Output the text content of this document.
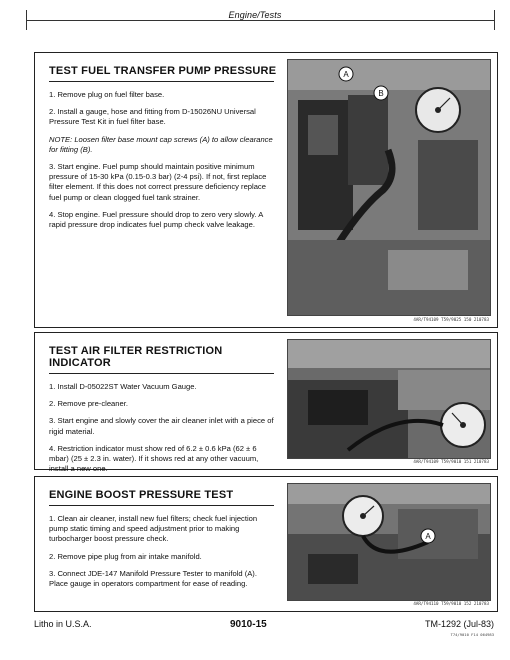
Engine/Tests
TEST FUEL TRANSFER PUMP PRESSURE
1. Remove plug on fuel filter base.
2. Install a gauge, hose and fitting from D-15026NU Universal Pressure Test Kit in fuel filter base.
NOTE: Loosen filter base mount cap screws (A) to allow clearance for fitting (B).
3. Start engine. Fuel pump should maintain positive minimum pressure of 15-30 kPa (0.15-0.3 bar) (2-4 psi). If not, first replace filter element. If this does not correct pressure deficiency replace fuel pump or clean clogged fuel tank strainer.
4. Stop engine. Fuel pressure should drop to zero very slowly. A rapid pressure drop indicates fuel pump check valve leakage.
A
B
4AR/T94109 T59/9025 150 210783
TEST AIR FILTER RESTRICTION INDICATOR
1. Install D-05022ST Water Vacuum Gauge.
2. Remove pre-cleaner.
3. Start engine and slowly cover the air cleaner inlet with a piece of rigid material.
4. Restriction indicator must show red of 6.2 ± 0.6 kPa (62 ± 6 mbar) (25 ± 2.3 in. water). If it shows red at any other vacuum, install a new one.
4AR/T94109 T59/9010 151 210783
ENGINE BOOST PRESSURE TEST
1. Clean air cleaner, install new fuel filters; check fuel injection pump static timing and speed adjustment prior to making turbocharger boost pressure check.
2. Remove pipe plug from air intake manifold.
3. Connect JDE-147 Manifold Pressure Tester to manifold (A). Place gauge in operators compartment for ease of reading.
A
4AR/T94110 T59/9010 152 210783
Litho in U.S.A.	9010-15	TM-1292 (Jul-83)
T74/9010 F14 064983
